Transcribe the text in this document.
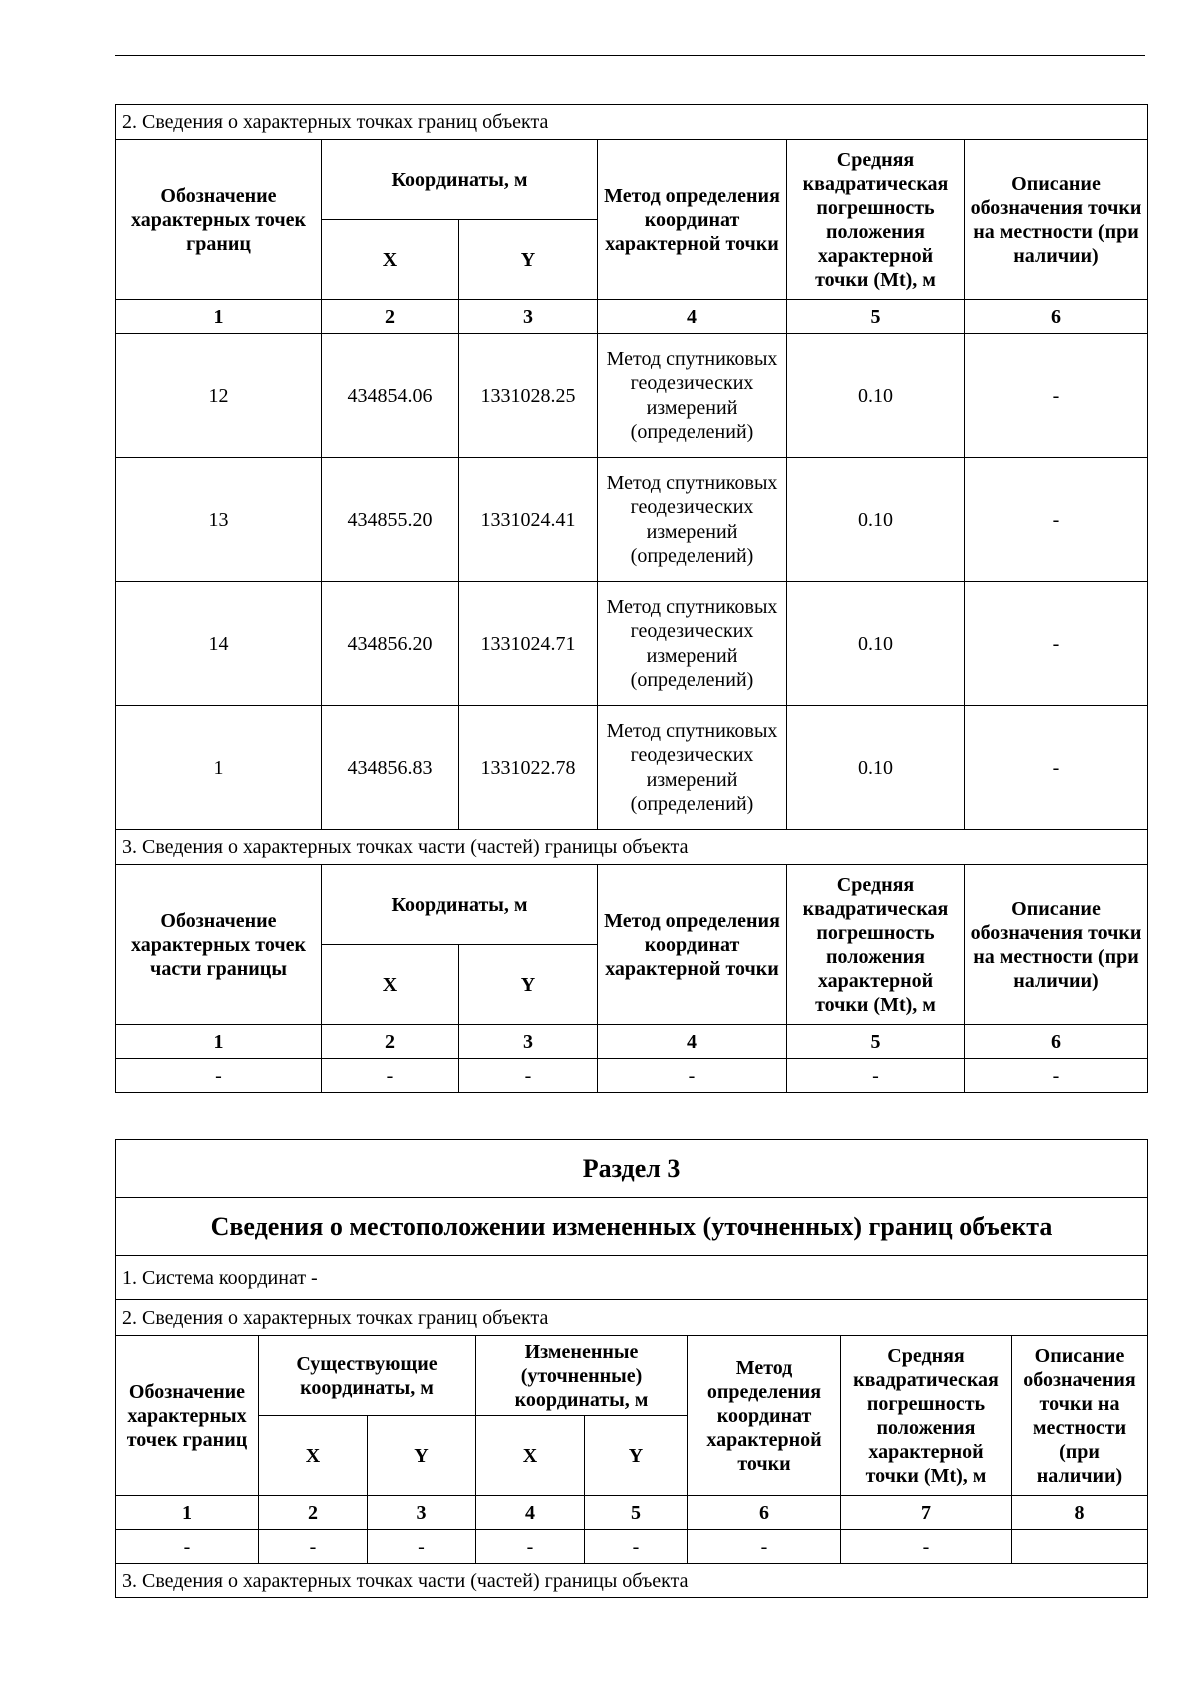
2. Сведения о характерных точках границ объекта					
Обозначение характерных точек границ	Координаты, м		Метод определения координат характерной точки	Средняя квадратическая погрешность положения характерной точки (Mt), м	Описание обозначения точки на местности (при наличии)
	X	Y			
1	2	3	4	5	6
12	434854.06	1331028.25	Метод спутниковых геодезических измерений (определений)	0.10	-
13	434855.20	1331024.41	Метод спутниковых геодезических измерений (определений)	0.10	-
14	434856.20	1331024.71	Метод спутниковых геодезических измерений (определений)	0.10	-
1	434856.83	1331022.78	Метод спутниковых геодезических измерений (определений)	0.10	-
3. Сведения о характерных точках части (частей) границы объекта					
Обозначение характерных точек части границы	Координаты, м		Метод определения координат характерной точки	Средняя квадратическая погрешность положения характерной точки (Mt), м	Описание обозначения точки на местности (при наличии)
	X	Y			
1	2	3	4	5	6
-	-	-	-	-	-
Раздел 3							
Сведения о местоположении измененных (уточненных) границ объекта							
1. Система координат -							
2. Сведения о характерных точках границ объекта							
Обозначение характерных точек границ	Существующие координаты, м		Измененные (уточненные) координаты, м		Метод определения координат характерной точки	Средняя квадратическая погрешность положения характерной точки (Mt), м	Описание обозначения точки на местности (при наличии)
	X	Y	X	Y			
1	2	3	4	5	6	7	8
-	-	-	-	-	-	-	
3. Сведения о характерных точках части (частей) границы объекта							
